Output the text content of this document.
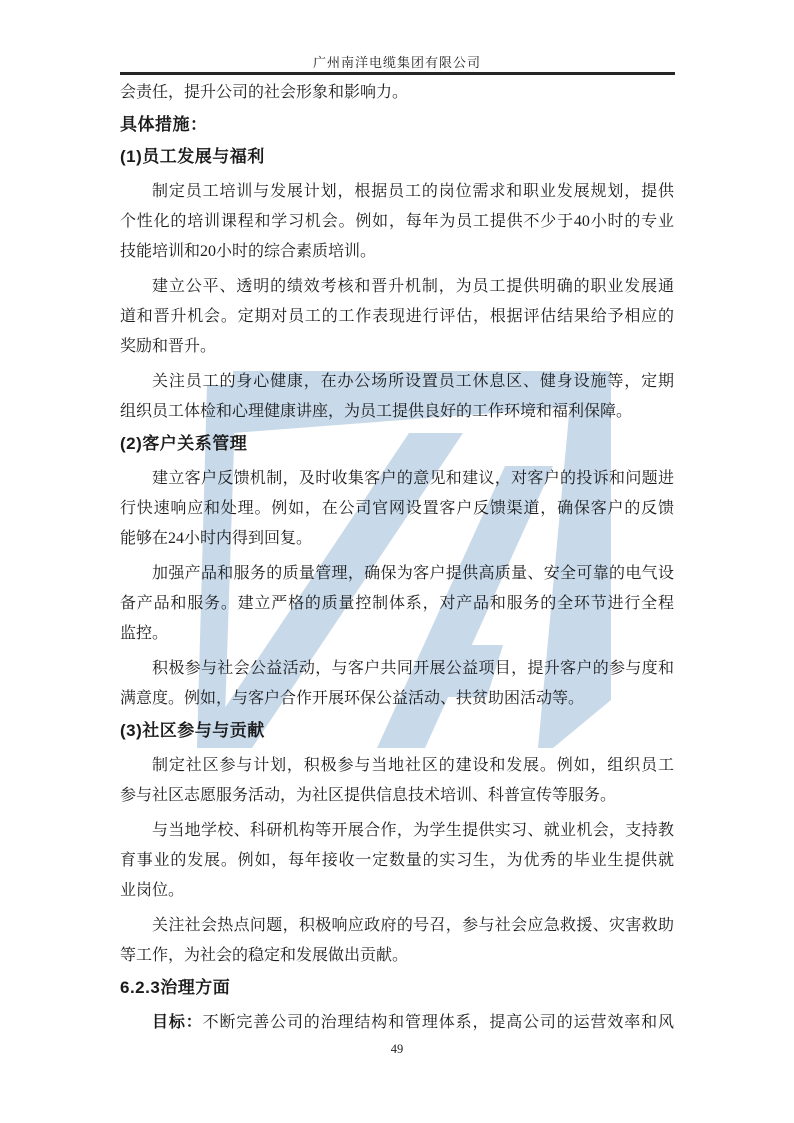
广州南洋电缆集团有限公司
会责任，提升公司的社会形象和影响力。
具体措施：
(1)员工发展与福利
制定员工培训与发展计划，根据员工的岗位需求和职业发展规划，提供
个性化的培训课程和学习机会。例如，每年为员工提供不少于40小时的专业
技能培训和20小时的综合素质培训。
建立公平、透明的绩效考核和晋升机制，为员工提供明确的职业发展通
道和晋升机会。定期对员工的工作表现进行评估，根据评估结果给予相应的
奖励和晋升。
关注员工的身心健康，在办公场所设置员工休息区、健身设施等，定期
组织员工体检和心理健康讲座，为员工提供良好的工作环境和福利保障。
(2)客户关系管理
建立客户反馈机制，及时收集客户的意见和建议，对客户的投诉和问题进
行快速响应和处理。例如，在公司官网设置客户反馈渠道，确保客户的反馈
能够在24小时内得到回复。
加强产品和服务的质量管理，确保为客户提供高质量、安全可靠的电气设
备产品和服务。建立严格的质量控制体系，对产品和服务的全环节进行全程
监控。
积极参与社会公益活动，与客户共同开展公益项目，提升客户的参与度和
满意度。例如，与客户合作开展环保公益活动、扶贫助困活动等。
(3)社区参与与贡献
制定社区参与计划，积极参与当地社区的建设和发展。例如，组织员工
参与社区志愿服务活动，为社区提供信息技术培训、科普宣传等服务。
与当地学校、科研机构等开展合作，为学生提供实习、就业机会，支持教
育事业的发展。例如，每年接收一定数量的实习生，为优秀的毕业生提供就
业岗位。
关注社会热点问题，积极响应政府的号召，参与社会应急救援、灾害救助
等工作，为社会的稳定和发展做出贡献。
6.2.3治理方面
目标：不断完善公司的治理结构和管理体系，提高公司的运营效率和风
49
